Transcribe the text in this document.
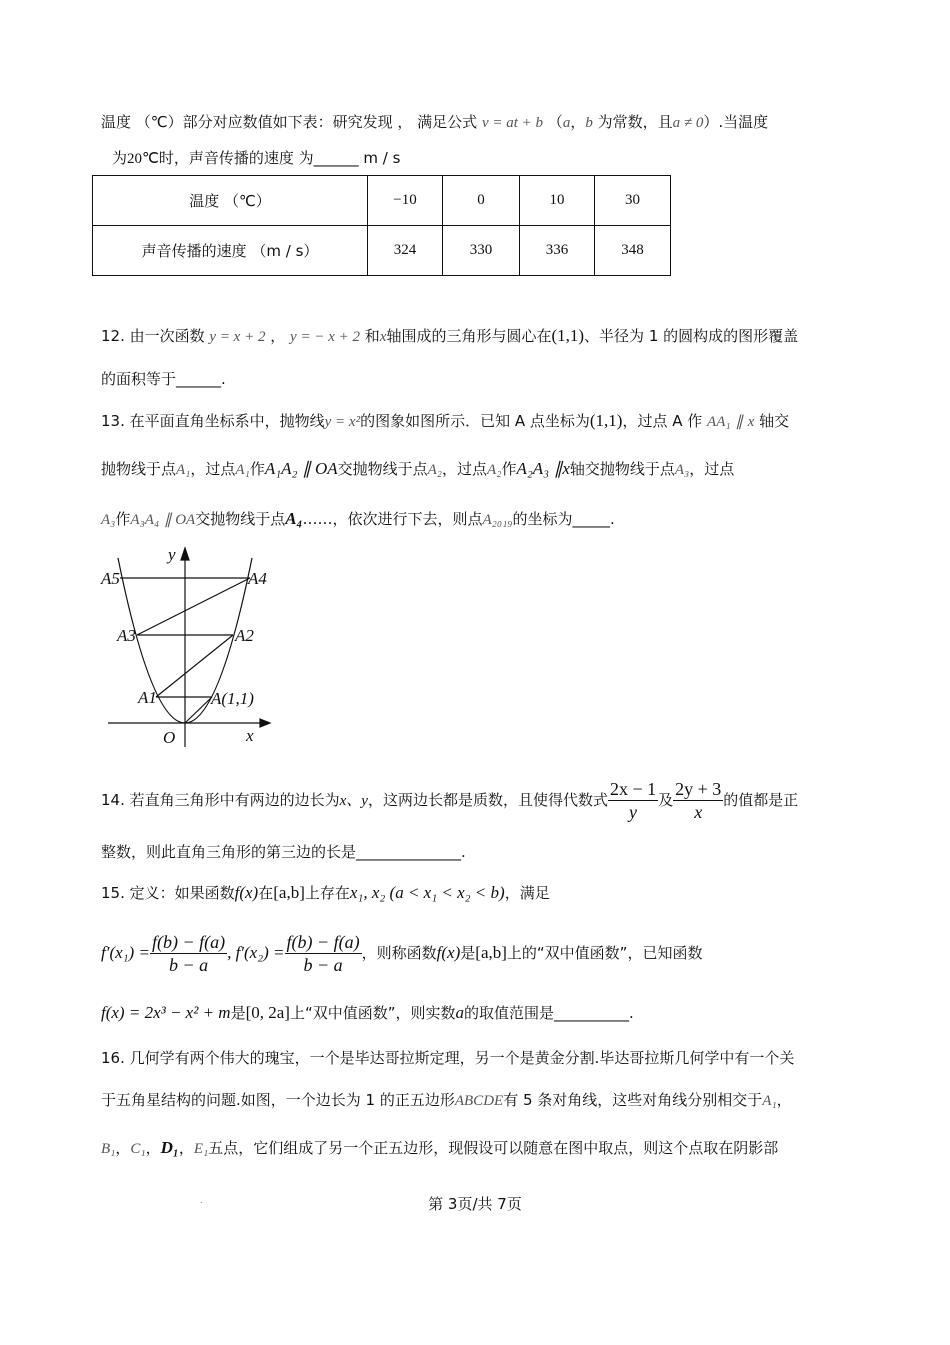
温度 （℃）部分对应数值如下表：研究发现 ， 满足公式 v = at + b （a，b 为常数，且a ≠ 0）.当温度
为20℃时，声音传播的速度 为______ m / s
温度 （℃）	−10	0	10	30
声音传播的速度 （m / s）	324	330	336	348
12. 由一次函数 y = x + 2 ， y = − x + 2 和x轴围成的三角形与圆心在(1,1)、半径为 1 的圆构成的图形覆盖
的面积等于______.
13. 在平面直角坐标系中，抛物线y = x²的图象如图所示．已知 A 点坐标为(1,1)，过点 A 作 AA₁ ∥ x 轴交
抛物线于点A₁，过点A₁作A₁A₂ ∥ OA交抛物线于点A₂，过点A₂作A₂A₃ ∥x轴交抛物线于点A₃，过点
A₃作A₃A₄ ∥ OA交抛物线于点A₄……，依次进行下去，则点A₂₀₁₉的坐标为_____.
y
x
O
A5	A4
A3	A2
A1	A(1,1)
14. 若直角三角形中有两边的边长为x、y，这两边长都是质数，且使得代数式 $\frac{2x - 1}{y}$ 及 $\frac{2y + 3}{x}$ 的值都是正
整数，则此直角三角形的第三边的长是______________.
15. 定义：如果函数f(x)在[a,b]上存在x₁, x₂ (a < x₁ < x₂ < b)，满足
$f'(x_1) = \frac{f(b) - f(a)}{b - a}$ , $f'(x_2) = \frac{f(b) - f(a)}{b - a}$ ，则称函数f(x)是[a,b]上的“双中值函数”，已知函数
f(x) = 2x³ − x² + m是[0, 2a]上“双中值函数”，则实数a的取值范围是__________.
16. 几何学有两个伟大的瑰宝，一个是毕达哥拉斯定理，另一个是黄金分割.毕达哥拉斯几何学中有一个关
于五角星结构的问题.如图，一个边长为 1 的正五边形ABCDE有 5 条对角线，这些对角线分别相交于A₁，
B₁，C₁，D₁，E₁五点，它们组成了另一个正五边形，现假设可以随意在图中取点，则这个点取在阴影部
.	第 3页/共 7页
